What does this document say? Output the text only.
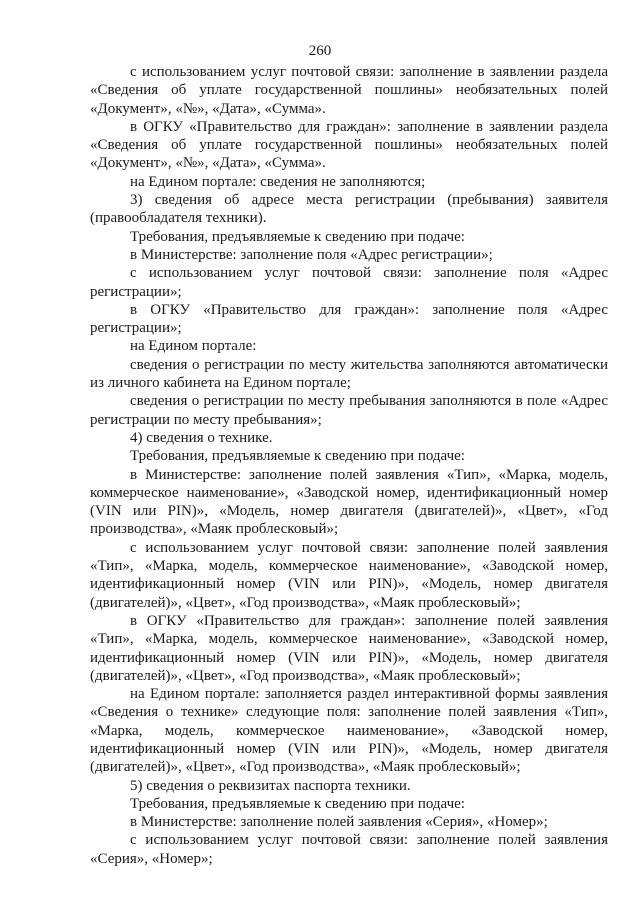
260

с использованием услуг почтовой связи: заполнение в заявлении раздела «Сведения об уплате государственной пошлины» необязательных полей «Документ», «№», «Дата», «Сумма».

в ОГКУ «Правительство для граждан»: заполнение в заявлении раздела «Сведения об уплате государственной пошлины» необязательных полей «Документ», «№», «Дата», «Сумма».

на Едином портале: сведения не заполняются;

3) сведения об адресе места регистрации (пребывания) заявителя (правообладателя техники).

Требования, предъявляемые к сведению при подаче:

в Министерстве: заполнение поля «Адрес регистрации»;

с использованием услуг почтовой связи: заполнение поля «Адрес регистрации»;

в ОГКУ «Правительство для граждан»: заполнение поля «Адрес регистрации»;

на Едином портале:

сведения о регистрации по месту жительства заполняются автоматически из личного кабинета на Едином портале;

сведения о регистрации по месту пребывания заполняются в поле «Адрес регистрации по месту пребывания»;

4) сведения о технике.

Требования, предъявляемые к сведению при подаче:

в Министерстве: заполнение полей заявления «Тип», «Марка, модель, коммерческое наименование», «Заводской номер, идентификационный номер (VIN или PIN)», «Модель, номер двигателя (двигателей)», «Цвет», «Год производства», «Маяк проблесковый»;

с использованием услуг почтовой связи: заполнение полей заявления «Тип», «Марка, модель, коммерческое наименование», «Заводской номер, идентификационный номер (VIN или PIN)», «Модель, номер двигателя (двигателей)», «Цвет», «Год производства», «Маяк проблесковый»;

в ОГКУ «Правительство для граждан»: заполнение полей заявления «Тип», «Марка, модель, коммерческое наименование», «Заводской номер, идентификационный номер (VIN или PIN)», «Модель, номер двигателя (двигателей)», «Цвет», «Год производства», «Маяк проблесковый»;

на Едином портале: заполняется раздел интерактивной формы заявления «Сведения о технике» следующие поля: заполнение полей заявления «Тип», «Марка, модель, коммерческое наименование», «Заводской номер, идентификационный номер (VIN или PIN)», «Модель, номер двигателя (двигателей)», «Цвет», «Год производства», «Маяк проблесковый»;

5) сведения о реквизитах паспорта техники.

Требования, предъявляемые к сведению при подаче:

в Министерстве: заполнение полей заявления «Серия», «Номер»;

с использованием услуг почтовой связи: заполнение полей заявления «Серия», «Номер»;
